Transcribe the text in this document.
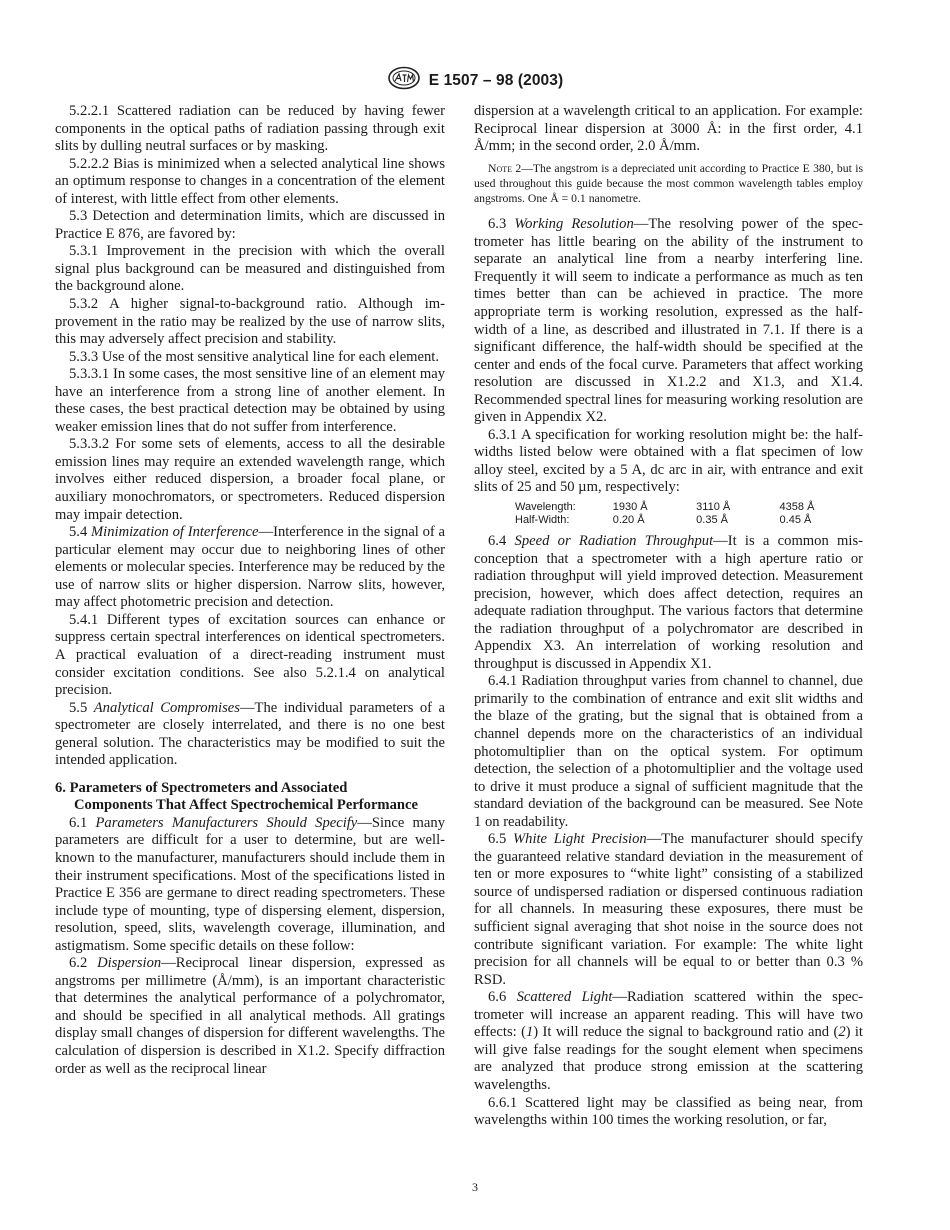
E 1507 – 98 (2003)

5.2.2.1 Scattered radiation can be reduced by having fewer components in the optical paths of radiation passing through exit slits by dulling neutral surfaces or by masking.

5.2.2.2 Bias is minimized when a selected analytical line shows an optimum response to changes in a concentration of the element of interest, with little effect from other elements.

5.3 Detection and determination limits, which are discussed in Practice E 876, are favored by:

5.3.1 Improvement in the precision with which the overall signal plus background can be measured and distinguished from the background alone.

5.3.2 A higher signal-to-background ratio. Although improvement in the ratio may be realized by the use of narrow slits, this may adversely affect precision and stability.

5.3.3 Use of the most sensitive analytical line for each element.

5.3.3.1 In some cases, the most sensitive line of an element may have an interference from a strong line of another element. In these cases, the best practical detection may be obtained by using weaker emission lines that do not suffer from interference.

5.3.3.2 For some sets of elements, access to all the desirable emission lines may require an extended wavelength range, which involves either reduced dispersion, a broader focal plane, or auxiliary monochromators, or spectrometers. Reduced dispersion may impair detection.

5.4 Minimization of Interference—Interference in the signal of a particular element may occur due to neighboring lines of other elements or molecular species. Interference may be reduced by the use of narrow slits or higher dispersion. Narrow slits, however, may affect photometric precision and detection.

5.4.1 Different types of excitation sources can enhance or suppress certain spectral interferences on identical spectrometers. A practical evaluation of a direct-reading instrument must consider excitation conditions. See also 5.2.1.4 on analytical precision.

5.5 Analytical Compromises—The individual parameters of a spectrometer are closely interrelated, and there is no one best general solution. The characteristics may be modified to suit the intended application.

6. Parameters of Spectrometers and Associated
Components That Affect Spectrochemical Performance

6.1 Parameters Manufacturers Should Specify—Since many parameters are difficult for a user to determine, but are well-known to the manufacturer, manufacturers should include them in their instrument specifications. Most of the specifications listed in Practice E 356 are germane to direct reading spectrometers. These include type of mounting, type of dispersing element, dispersion, resolution, speed, slits, wavelength coverage, illumination, and astigmatism. Some specific details on these follow:

6.2 Dispersion—Reciprocal linear dispersion, expressed as angstroms per millimetre (Å/mm), is an important characteristic that determines the analytical performance of a polychromator, and should be specified in all analytical methods. All gratings display small changes of dispersion for different wavelengths. The calculation of dispersion is described in X1.2. Specify diffraction order as well as the reciprocal linear

dispersion at a wavelength critical to an application. For example: Reciprocal linear dispersion at 3000 Å: in the first order, 4.1 Å/mm; in the second order, 2.0 Å/mm.

Note 2—The angstrom is a depreciated unit according to Practice E 380, but is used throughout this guide because the most common wavelength tables employ angstroms. One Å = 0.1 nanometre.

6.3 Working Resolution—The resolving power of the spectrometer has little bearing on the ability of the instrument to separate an analytical line from a nearby interfering line. Frequently it will seem to indicate a performance as much as ten times better than can be achieved in practice. The more appropriate term is working resolution, expressed as the half-width of a line, as described and illustrated in 7.1. If there is a significant difference, the half-width should be specified at the center and ends of the focal curve. Parameters that affect working resolution are discussed in X1.2.2 and X1.3, and X1.4. Recommended spectral lines for measuring working resolution are given in Appendix X2.

6.3.1 A specification for working resolution might be: the half-widths listed below were obtained with a flat specimen of low alloy steel, excited by a 5 A, dc arc in air, with entrance and exit slits of 25 and 50 µm, respectively:

Wavelength:	1930 Å	3110 Å	4358 Å
Half-Width:	0.20 Å	0.35 Å	0.45 Å

6.4 Speed or Radiation Throughput—It is a common misconception that a spectrometer with a high aperture ratio or radiation throughput will yield improved detection. Measurement precision, however, which does affect detection, requires an adequate radiation throughput. The various factors that determine the radiation throughput of a polychromator are described in Appendix X3. An interrelation of working resolution and throughput is discussed in Appendix X1.

6.4.1 Radiation throughput varies from channel to channel, due primarily to the combination of entrance and exit slit widths and the blaze of the grating, but the signal that is obtained from a channel depends more on the characteristics of an individual photomultiplier than on the optical system. For optimum detection, the selection of a photomultiplier and the voltage used to drive it must produce a signal of sufficient magnitude that the standard deviation of the background can be measured. See Note 1 on readability.

6.5 White Light Precision—The manufacturer should specify the guaranteed relative standard deviation in the measurement of ten or more exposures to “white light” consisting of a stabilized source of undispersed radiation or dispersed continuous radiation for all channels. In measuring these exposures, there must be sufficient signal averaging that shot noise in the source does not contribute significant variation. For example: The white light precision for all channels will be equal to or better than 0.3 % RSD.

6.6 Scattered Light—Radiation scattered within the spectrometer will increase an apparent reading. This will have two effects: (1) It will reduce the signal to background ratio and (2) it will give false readings for the sought element when specimens are analyzed that produce strong emission at the scattering wavelengths.

6.6.1 Scattered light may be classified as being near, from wavelengths within 100 times the working resolution, or far,

3
